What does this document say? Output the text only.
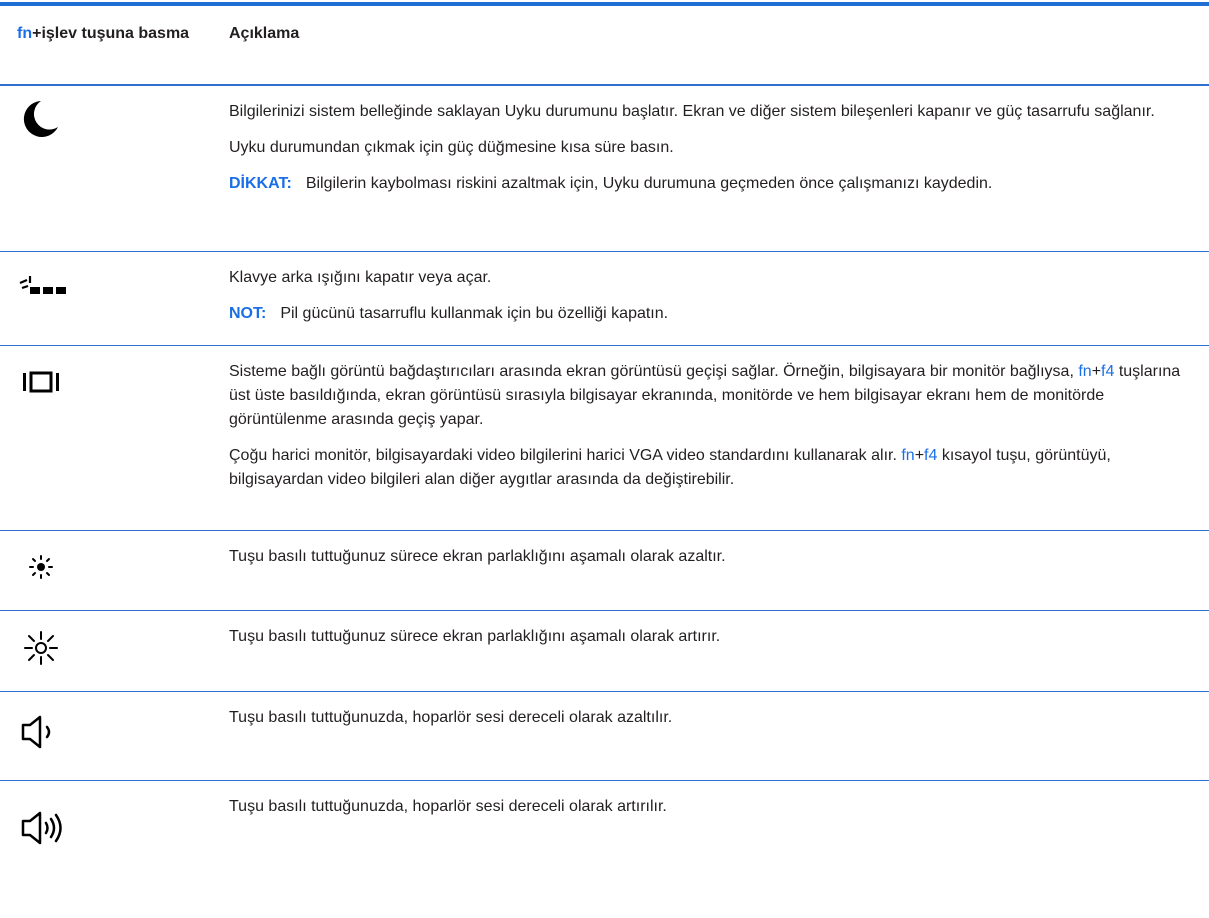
fn+işlev tuşuna basma	Açıklama

Bilgilerinizi sistem belleğinde saklayan Uyku durumunu başlatır. Ekran ve diğer sistem bileşenleri kapanır ve güç tasarrufu sağlanır.

Uyku durumundan çıkmak için güç düğmesine kısa süre basın.

DİKKAT: Bilgilerin kaybolması riskini azaltmak için, Uyku durumuna geçmeden önce çalışmanızı kaydedin.

Klavye arka ışığını kapatır veya açar.

NOT: Pil gücünü tasarruflu kullanmak için bu özelliği kapatın.

Sisteme bağlı görüntü bağdaştırıcıları arasında ekran görüntüsü geçişi sağlar. Örneğin, bilgisayara bir monitör bağlıysa, fn+f4 tuşlarına üst üste basıldığında, ekran görüntüsü sırasıyla bilgisayar ekranında, monitörde ve hem bilgisayar ekranı hem de monitörde görüntülenme arasında geçiş yapar.

Çoğu harici monitör, bilgisayardaki video bilgilerini harici VGA video standardını kullanarak alır. fn+f4 kısayol tuşu, görüntüyü, bilgisayardan video bilgileri alan diğer aygıtlar arasında da değiştirebilir.

Tuşu basılı tuttuğunuz sürece ekran parlaklığını aşamalı olarak azaltır.

Tuşu basılı tuttuğunuz sürece ekran parlaklığını aşamalı olarak artırır.

Tuşu basılı tuttuğunuzda, hoparlör sesi dereceli olarak azaltılır.

Tuşu basılı tuttuğunuzda, hoparlör sesi dereceli olarak artırılır.
